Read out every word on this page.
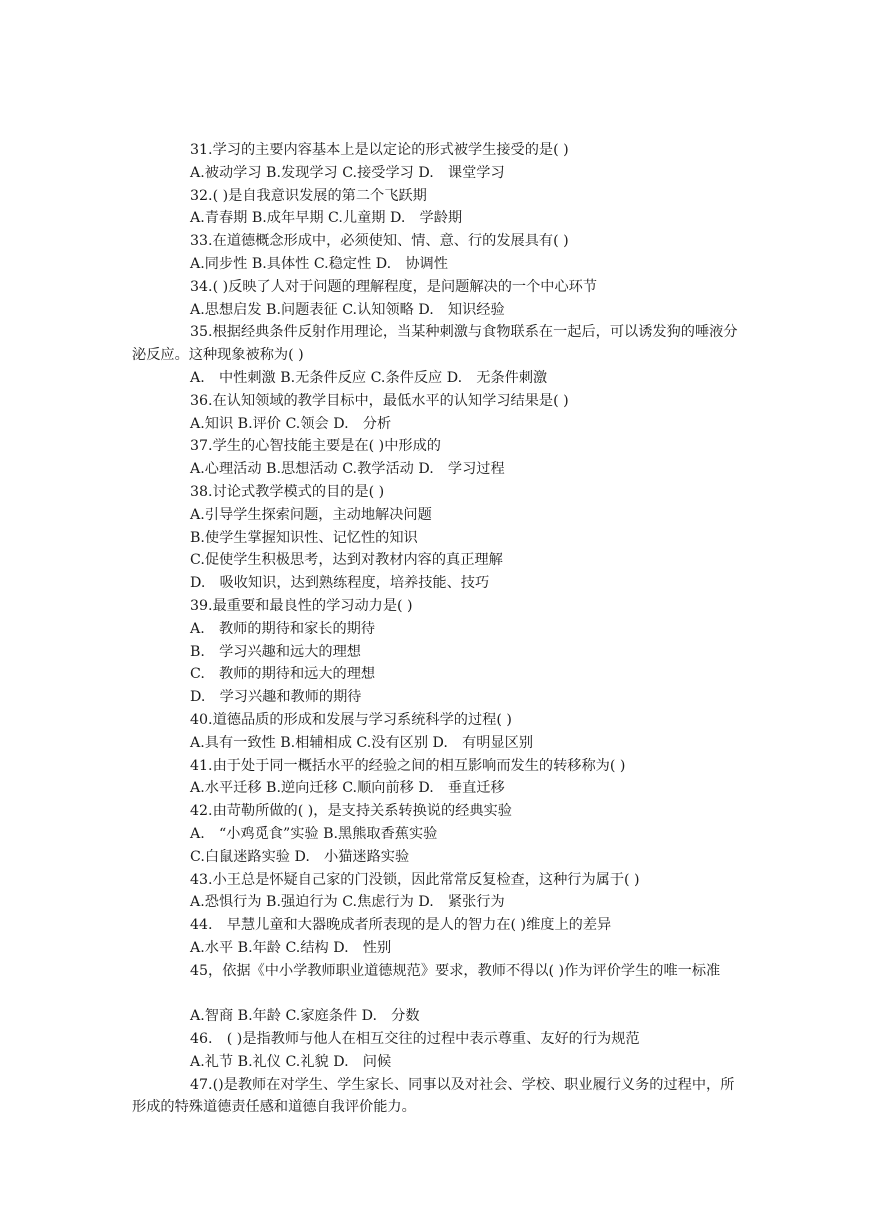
31.学习的主要内容基本上是以定论的形式被学生接受的是( )
A.被动学习 B.发现学习 C.接受学习 D.　课堂学习
32.( )是自我意识发展的第二个飞跃期
A.青春期 B.成年早期 C.儿童期 D.　学龄期
33.在道德概念形成中，必须使知、情、意、行的发展具有( )
A.同步性 B.具体性 C.稳定性 D.　协调性
34.( )反映了人对于问题的理解程度，是问题解决的一个中心环节
A.思想启发 B.问题表征 C.认知领略 D.　知识经验
35.根据经典条件反射作用理论，当某种刺激与食物联系在一起后，可以诱发狗的唾液分泌反应。这种现象被称为( )
A.　中性刺激 B.无条件反应 C.条件反应 D.　无条件刺激
36.在认知领域的教学目标中，最低水平的认知学习结果是( )
A.知识 B.评价 C.领会 D.　分析
37.学生的心智技能主要是在( )中形成的
A.心理活动 B.思想活动 C.教学活动 D.　学习过程
38.讨论式教学模式的目的是( )
A.引导学生探索问题，主动地解决问题
B.使学生掌握知识性、记忆性的知识
C.促使学生积极思考，达到对教材内容的真正理解
D.　吸收知识，达到熟练程度，培养技能、技巧
39.最重要和最良性的学习动力是( )
A.　教师的期待和家长的期待
B.　学习兴趣和远大的理想
C.　教师的期待和远大的理想
D.　学习兴趣和教师的期待
40.道德品质的形成和发展与学习系统科学的过程( )
A.具有一致性 B.相辅相成 C.没有区别 D.　有明显区别
41.由于处于同一概括水平的经验之间的相互影响而发生的转移称为( )
A.水平迁移 B.逆向迁移 C.顺向前移 D.　垂直迁移
42.由苛勒所做的( )，是支持关系转换说的经典实验
A.　“小鸡觅食”实验 B.黑熊取香蕉实验
C.白鼠迷路实验 D.　小猫迷路实验
43.小王总是怀疑自己家的门没锁，因此常常反复检查，这种行为属于( )
A.恐惧行为 B.强迫行为 C.焦虑行为 D.　紧张行为
44.　早慧儿童和大器晚成者所表现的是人的智力在( )维度上的差异
A.水平 B.年龄 C.结构 D.　性别
45，依据《中小学教师职业道德规范》要求，教师不得以( )作为评价学生的唯一标准
A.智商 B.年龄 C.家庭条件 D.　分数
46.　( )是指教师与他人在相互交往的过程中表示尊重、友好的行为规范
A.礼节 B.礼仪 C.礼貌 D.　问候
47.()是教师在对学生、学生家长、同事以及对社会、学校、职业履行义务的过程中，所形成的特殊道德责任感和道德自我评价能力。
